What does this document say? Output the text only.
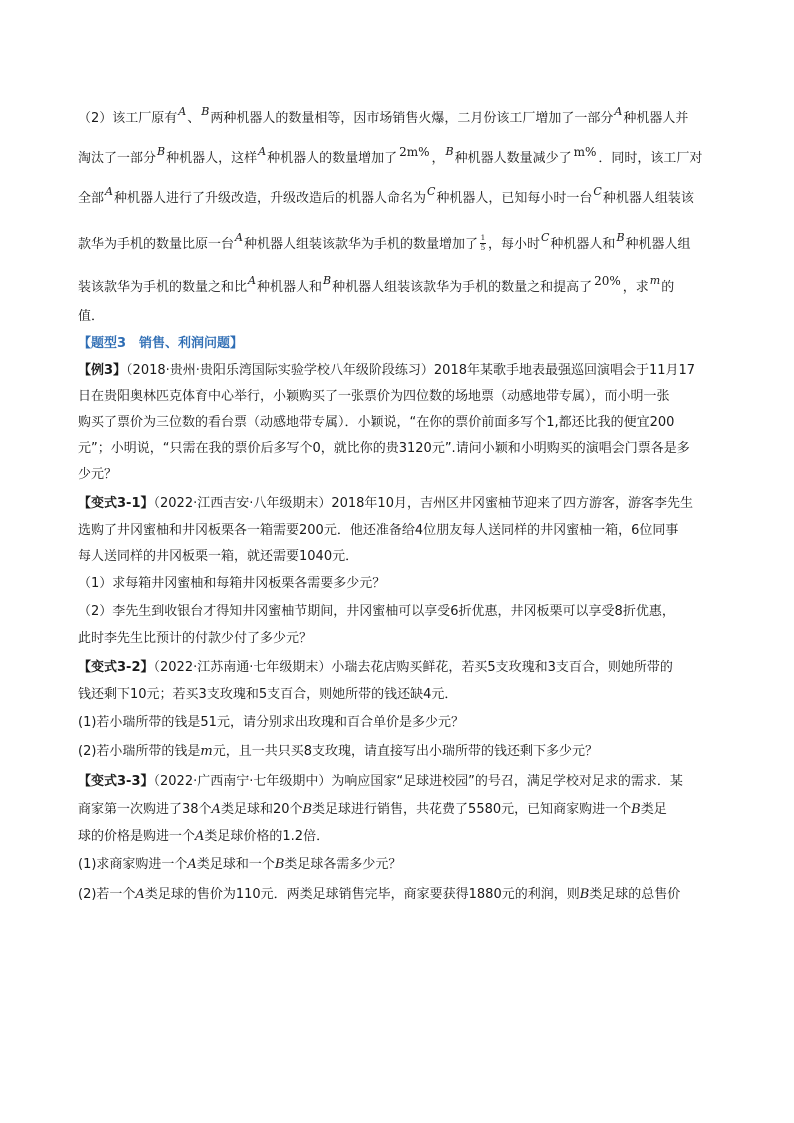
（2）该工厂原有$^A$、$^B$两种机器人的数量相等，因市场销售火爆，二月份该工厂增加了一部分$^A$种机器人并

淘汰了一部分$^B$种机器人，这样$^A$种机器人的数量增加了 2m% ，$^B$种机器人数量减少了 m% ．同时，该工厂对

全部$^A$种机器人进行了升级改造，升级改造后的机器人命名为$^C$种机器人，已知每小时一台$^C$种机器人组装该

款华为手机的数量比原一台$^A$种机器人组装该款华为手机的数量增加了 $\frac{1}{5}$ ，每小时$^C$种机器人和$^B$种机器人组

装该款华为手机的数量之和比$^A$种机器人和$^B$种机器人组装该款华为手机的数量之和提高了 20% ，求$^m$的

值．

【题型3　销售、利润问题】

【例3】（2018·贵州·贵阳乐湾国际实验学校八年级阶段练习）2018年某歌手地表最强巡回演唱会于11月17

日在贵阳奥林匹克体育中心举行，小颖购买了一张票价为四位数的场地票（动感地带专属），而小明一张

购买了票价为三位数的看台票（动感地带专属）．小颖说，“在你的票价前面多写个1,都还比我的便宜200

元”；小明说，“只需在我的票价后多写个0，就比你的贵3120元”.请问小颖和小明购买的演唱会门票各是多

少元？

【变式3-1】（2022·江西吉安·八年级期末）2018年10月，吉州区井冈蜜柚节迎来了四方游客，游客李先生

选购了井冈蜜柚和井冈板栗各一箱需要200元．他还准备给4位朋友每人送同样的井冈蜜柚一箱，6位同事

每人送同样的井冈板栗一箱，就还需要1040元．

（1）求每箱井冈蜜柚和每箱井冈板栗各需要多少元？

（2）李先生到收银台才得知井冈蜜柚节期间，井冈蜜柚可以享受6折优惠，井冈板栗可以享受8折优惠，

此时李先生比预计的付款少付了多少元？

【变式3-2】（2022·江苏南通·七年级期末）小瑞去花店购买鲜花，若买5支玫瑰和3支百合，则她所带的

钱还剩下10元；若买3支玫瑰和5支百合，则她所带的钱还缺4元．

(1)若小瑞所带的钱是51元，请分别求出玫瑰和百合单价是多少元？

(2)若小瑞所带的钱是m元，且一共只买8支玫瑰，请直接写出小瑞所带的钱还剩下多少元？

【变式3-3】（2022·广西南宁·七年级期中）为响应国家“足球进校园”的号召，满足学校对足求的需求．某

商家第一次购进了38个A类足球和20个B类足球进行销售，共花费了5580元，已知商家购进一个B类足

球的价格是购进一个A类足球价格的1.2倍．

(1)求商家购进一个A类足球和一个B类足球各需多少元？

(2)若一个A类足球的售价为110元．两类足球销售完毕，商家要获得1880元的利润，则B类足球的总售价
